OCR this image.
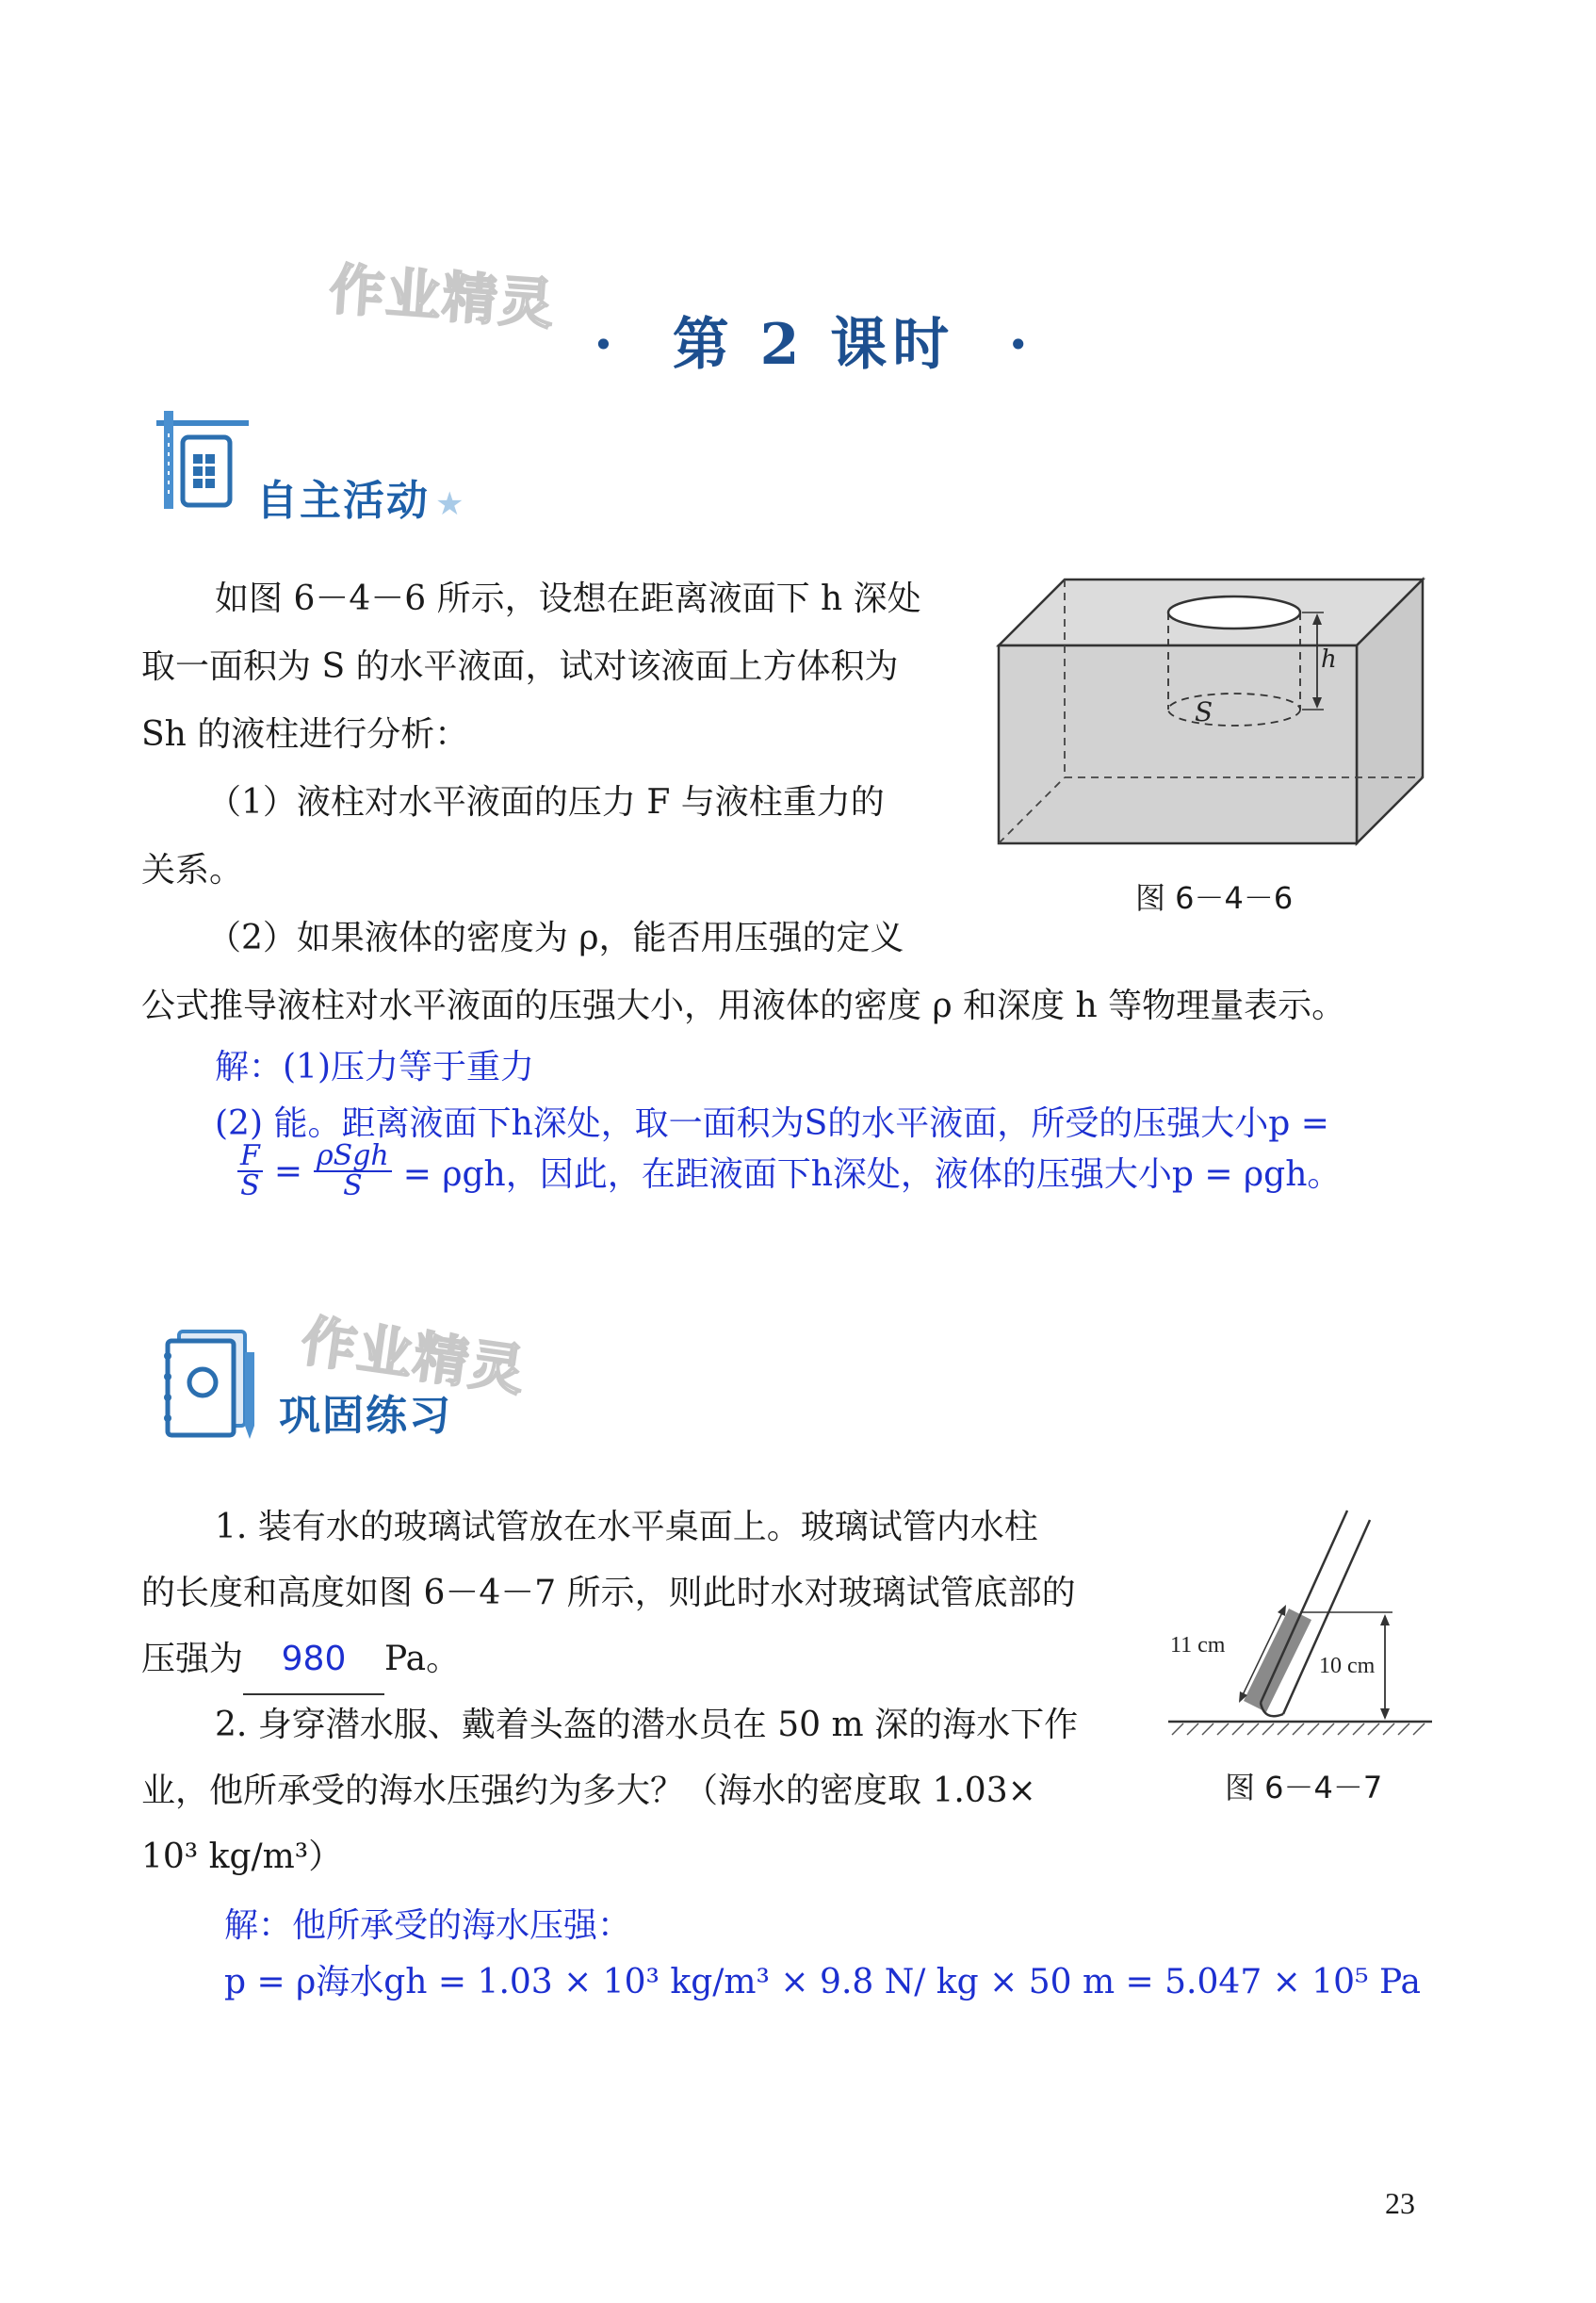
作业精灵
作业精灵
· 第 2 课时 ·
自主活动 ★
如图 6－4－6 所示，设想在距离液面下 h 深处
取一面积为 S 的水平液面，试对该液面上方体积为
Sh 的液柱进行分析：
（1）液柱对水平液面的压力 F 与液柱重力的
关系。
（2）如果液体的密度为 ρ，能否用压强的定义
公式推导液柱对水平液面的压强大小，用液体的密度 ρ 和深度 h 等物理量表示。
h
S
图 6－4－6
解：(1)压力等于重力
(2) 能。距离液面下h深处，取一面积为S的水平液面，所受的压强大小p =
$\frac{F}{S} = \frac{\text{ρSgh}}{S} = \rho gh$，因此，在距液面下h深处，液体的压强大小p = ρgh。
巩固练习
1. 装有水的玻璃试管放在水平桌面上。玻璃试管内水柱
的长度和高度如图 6－4－7 所示，则此时水对玻璃试管底部的
压强为 980 Pa。
2. 身穿潜水服、戴着头盔的潜水员在 50 m 深的海水下作
业，他所承受的海水压强约为多大？（海水的密度取 1.03×
10³ kg/m³）
11 cm
10 cm
图 6－4－7
解：他所承受的海水压强：
p = ρ海水gh = 1.03 × 10³ kg/m³ × 9.8 N/ kg × 50 m = 5.047 × 10⁵ Pa
23
